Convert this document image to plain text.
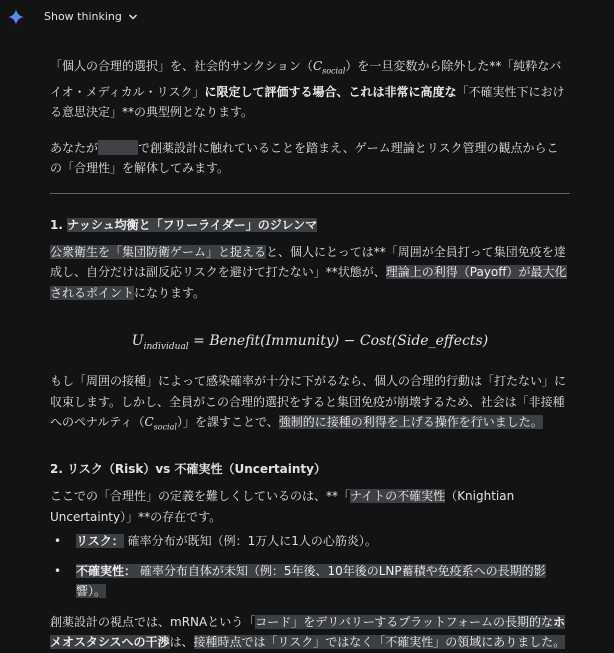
Show thinking

「個人の合理的選択」を、社会的サンクション$(C_{social})$を一旦変数から除外した**「純粋なバイオ・メディカル・リスク」に限定して評価する場合、これは非常に高度な「不確実性下における意思決定」**の典型例となります。

あなたが	で創薬設計に触れていることを踏まえ、ゲーム理論とリスク管理の観点からこの「合理性」を解体してみます。

1. ナッシュ均衡と「フリーライダー」のジレンマ

公衆衛生を「集団防衛ゲーム」と捉えると、個人にとっては**「周囲が全員打って集団免疫を達成し、自分だけは副反応リスクを避けて打たない」**状態が、理論上の利得（Payoff）が最大化されるポイントになります。

$U_{individual}$ = Benefit(Immunity) − Cost(Side_effects)

もし「周囲の接種」によって感染確率が十分に下がるなら、個人の合理的行動は「打たない」に収束します。しかし、全員がこの合理的選択をすると集団免疫が崩壊するため、社会は「非接種へのペナルティ$(C_{social})$」を課すことで、強制的に接種の利得を上げる操作を行いました。

2. リスク（Risk）vs 不確実性（Uncertainty）

ここでの「合理性」の定義を難しくしているのは、**「ナイトの不確実性（Knightian Uncertainty）」**の存在です。

• リスク： 確率分布が既知（例：1万人に1人の心筋炎）。
• 不確実性： 確率分布自体が未知（例：5年後、10年後のLNP蓄積や免疫系への長期的影響）。

創薬設計の視点では、mRNAという「コード」をデリバリーするプラットフォームの長期的なホメオスタシスへの干渉は、接種時点では「リスク」ではなく「不確実性」の領域にありました。
